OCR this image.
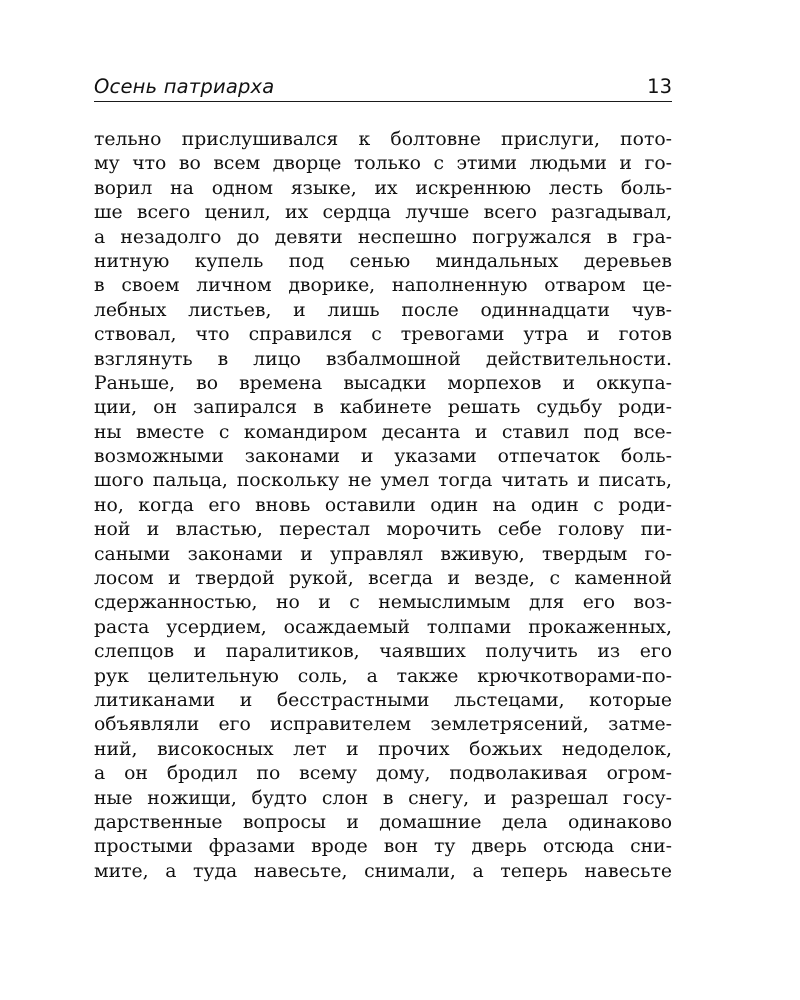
Осень патриарха	13
тельно прислушивался к болтовне прислуги, пото-
му что во всем дворце только с этими людьми и го-
ворил на одном языке, их искреннюю лесть боль-
ше всего ценил, их сердца лучше всего разгадывал,
а незадолго до девяти неспешно погружался в гра-
нитную купель под сенью миндальных деревьев
в своем личном дворике, наполненную отваром це-
лебных листьев, и лишь после одиннадцати чув-
ствовал, что справился с тревогами утра и готов
взглянуть в лицо взбалмошной действительности.
Раньше, во времена высадки морпехов и оккупа-
ции, он запирался в кабинете решать судьбу роди-
ны вместе с командиром десанта и ставил под все-
возможными законами и указами отпечаток боль-
шого пальца, поскольку не умел тогда читать и писать,
но, когда его вновь оставили один на один с роди-
ной и властью, перестал морочить себе голову пи-
саными законами и управлял вживую, твердым го-
лосом и твердой рукой, всегда и везде, с каменной
сдержанностью, но и с немыслимым для его воз-
раста усердием, осаждаемый толпами прокаженных,
слепцов и паралитиков, чаявших получить из его
рук целительную соль, а также крючкотворами-по-
литиканами и бесстрастными льстецами, которые
объявляли его исправителем землетрясений, затме-
ний, високосных лет и прочих божьих недоделок,
а он бродил по всему дому, подволакивая огром-
ные ножищи, будто слон в снегу, и разрешал госу-
дарственные вопросы и домашние дела одинаково
простыми фразами вроде вон ту дверь отсюда сни-
мите, а туда навесьте, снимали, а теперь навесьте
